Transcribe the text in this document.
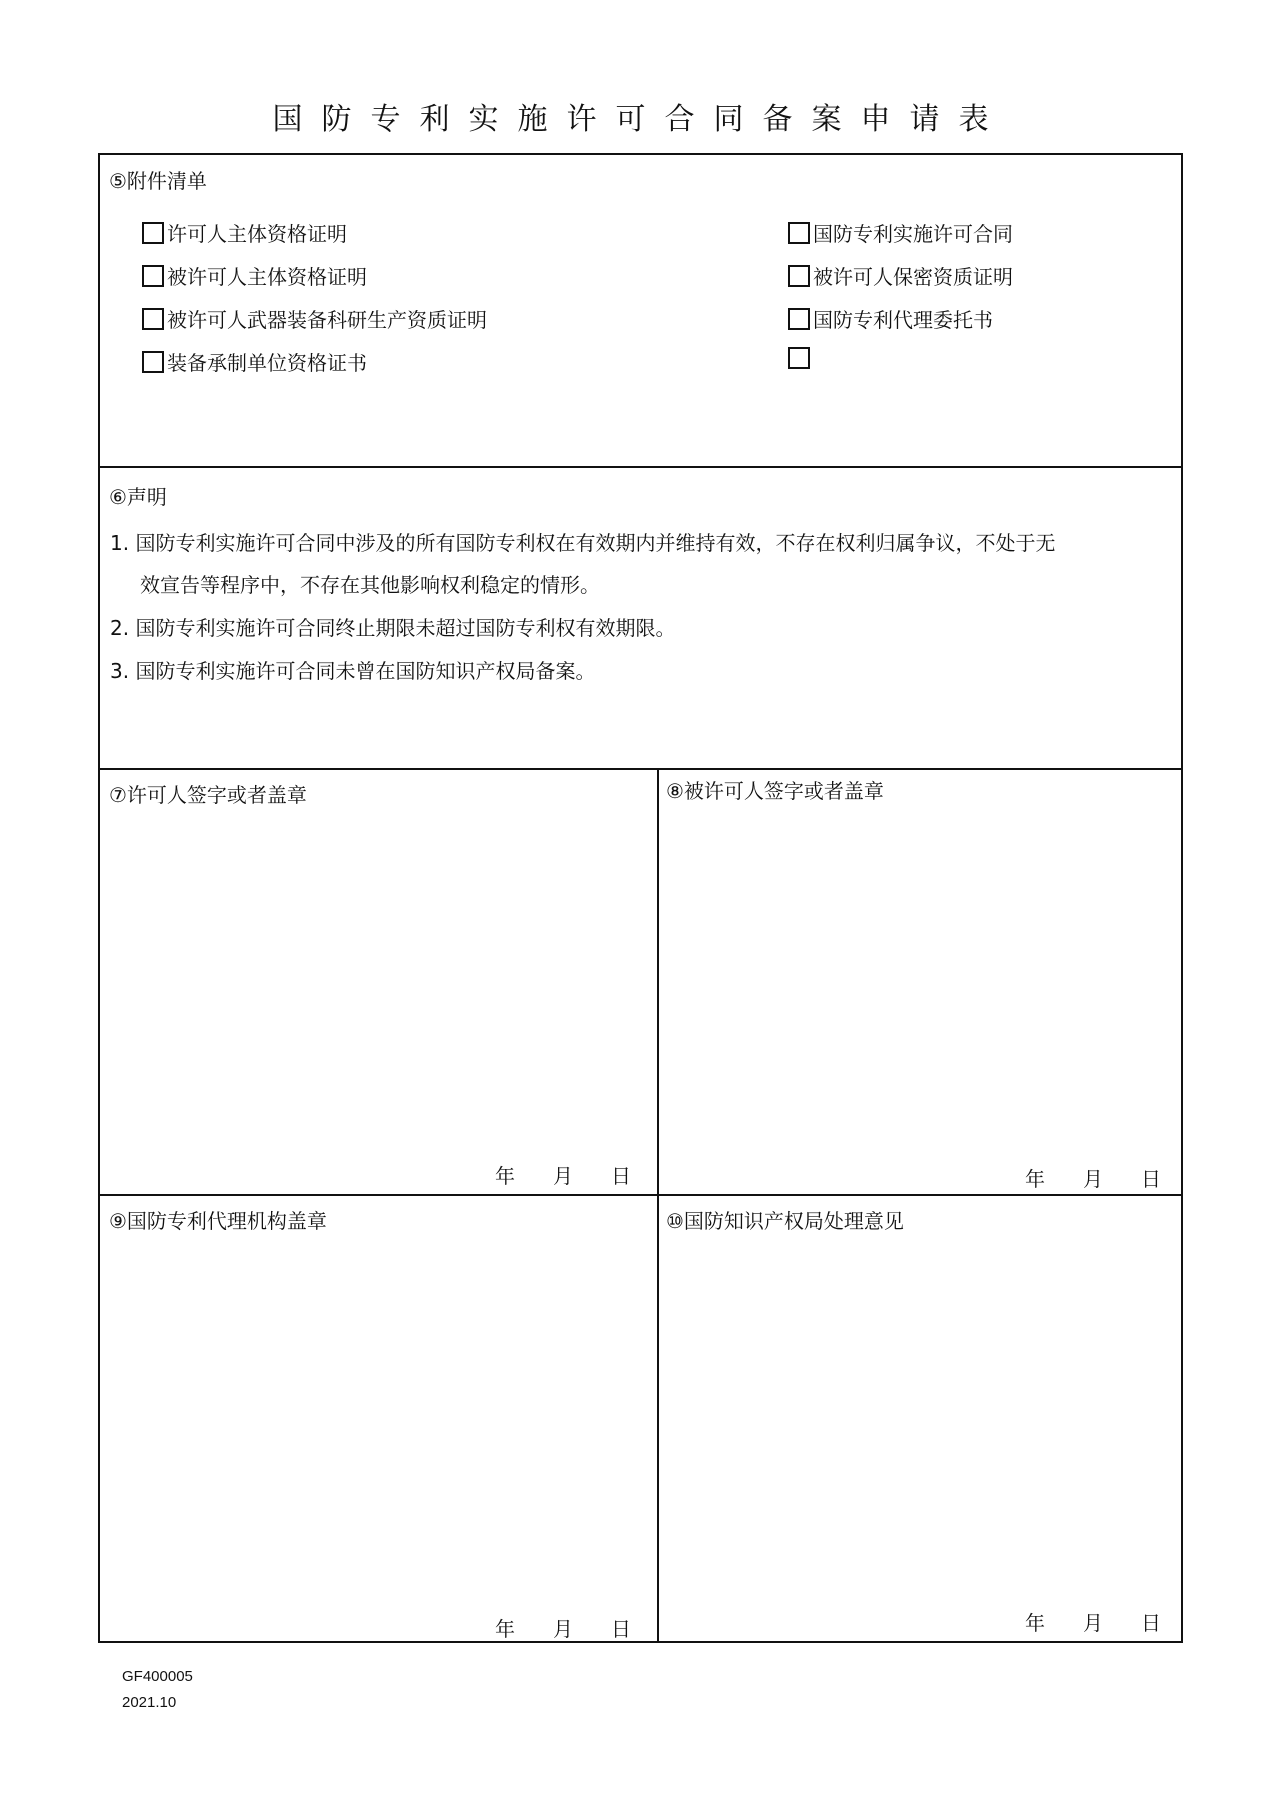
国防专利实施许可合同备案申请表
⑤附件清单
许可人主体资格证明
被许可人主体资格证明
被许可人武器装备科研生产资质证明
装备承制单位资格证书
国防专利实施许可合同
被许可人保密资质证明
国防专利代理委托书
⑥声明
1. 国防专利实施许可合同中涉及的所有国防专利权在有效期内并维持有效，不存在权利归属争议，不处于无
效宣告等程序中，不存在其他影响权利稳定的情形。
2. 国防专利实施许可合同终止期限未超过国防专利权有效期限。
3. 国防专利实施许可合同未曾在国防知识产权局备案。
⑦许可人签字或者盖章	⑧被许可人签字或者盖章
年 月 日	年 月 日
⑨国防专利代理机构盖章	⑩国防知识产权局处理意见
年 月 日	年 月 日
GF400005
2021.10
